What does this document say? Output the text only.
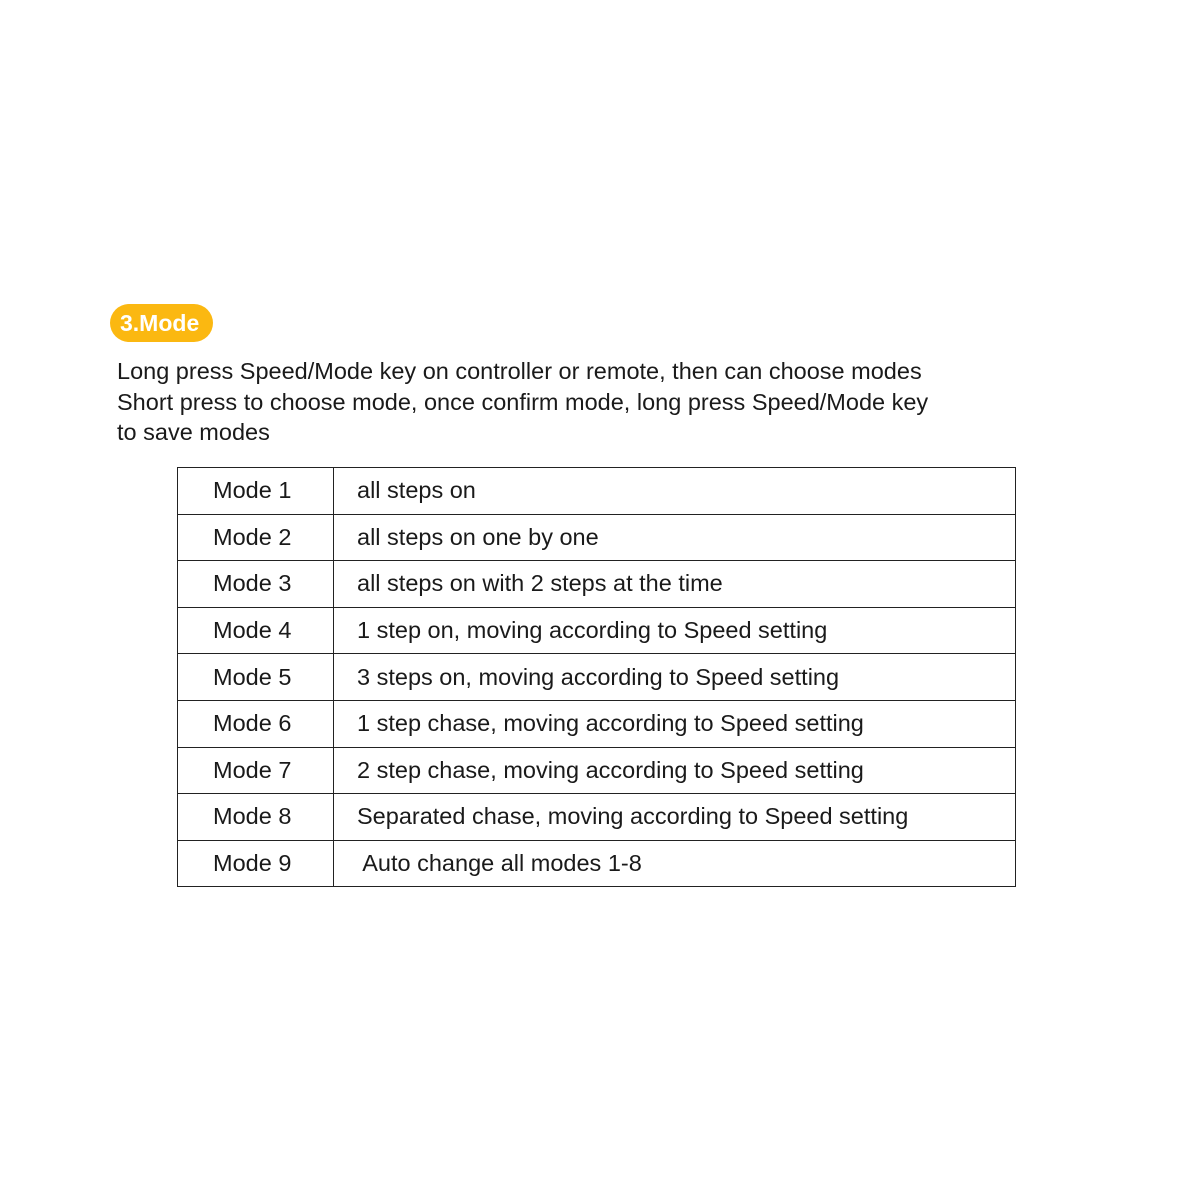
3.Mode
Long press Speed/Mode key on controller or remote, then can choose modes
Short press to choose mode, once confirm mode, long press Speed/Mode key
to save modes
Mode 1	all steps on
Mode 2	all steps on one by one
Mode 3	all steps on with 2 steps at the time
Mode 4	1 step on, moving according to Speed setting
Mode 5	3 steps on, moving according to Speed setting
Mode 6	1 step chase, moving according to Speed setting
Mode 7	2 step chase, moving according to Speed setting
Mode 8	Separated chase, moving according to Speed setting
Mode 9	Auto change all modes 1-8
